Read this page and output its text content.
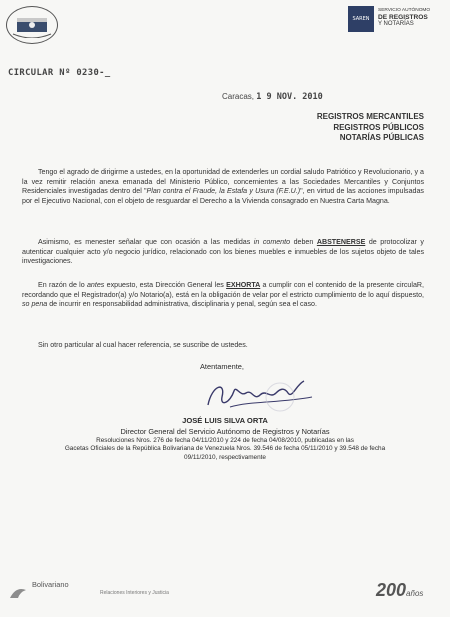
SAREN
SERVICIO AUTÓNOMO
DE REGISTROS
Y NOTARÍAS
CIRCULAR Nº 0230-_
Caracas, 1 9 NOV. 2010
REGISTROS MERCANTILES
REGISTROS PÚBLICOS
NOTARÍAS PÚBLICAS
Tengo el agrado de dirigirme a ustedes, en la oportunidad de extenderles un cordial saludo Patriótico y Revolucionario, y a la vez remitir relación anexa emanada del Ministerio Público, concernientes a las Sociedades Mercantiles y Conjuntos Residenciales investigadas dentro del "Plan contra el Fraude, la Estafa y Usura (F.E.U.)", en virtud de las acciones impulsadas por el Ejecutivo Nacional, con el objeto de resguardar el Derecho a la Vivienda consagrado en Nuestra Carta Magna.
Asimismo, es menester señalar que con ocasión a las medidas in comento deben ABSTENERSE de protocolizar y autenticar cualquier acto y/o negocio jurídico, relacionado con los bienes muebles e inmuebles de los sujetos objeto de tales investigaciones.
En razón de lo antes expuesto, esta Dirección General les EXHORTA a cumplir con el contenido de la presente circulaR, recordando que el Registrador(a) y/o Notario(a), está en la obligación de velar por el estricto cumplimiento de lo aquí dispuesto, so pena de incurrir en responsabilidad administrativa, disciplinaria y penal, según sea el caso.
Sin otro particular al cual hacer referencia, se suscribe de ustedes.
Atentamente,
JOSÉ LUIS SILVA ORTA
Director General del Servicio Autónomo de Registros y Notarías
Resoluciones Nros. 276 de fecha 04/11/2010 y 224 de fecha 04/08/2010, publicadas en las
Gacetas Oficiales de la República Bolivariana de Venezuela Nros. 39.546 de fecha 05/11/2010 y 39.548 de fecha
09/11/2010, respectivamente
Bolivariano
Relaciones Interiores y Justicia	200años
